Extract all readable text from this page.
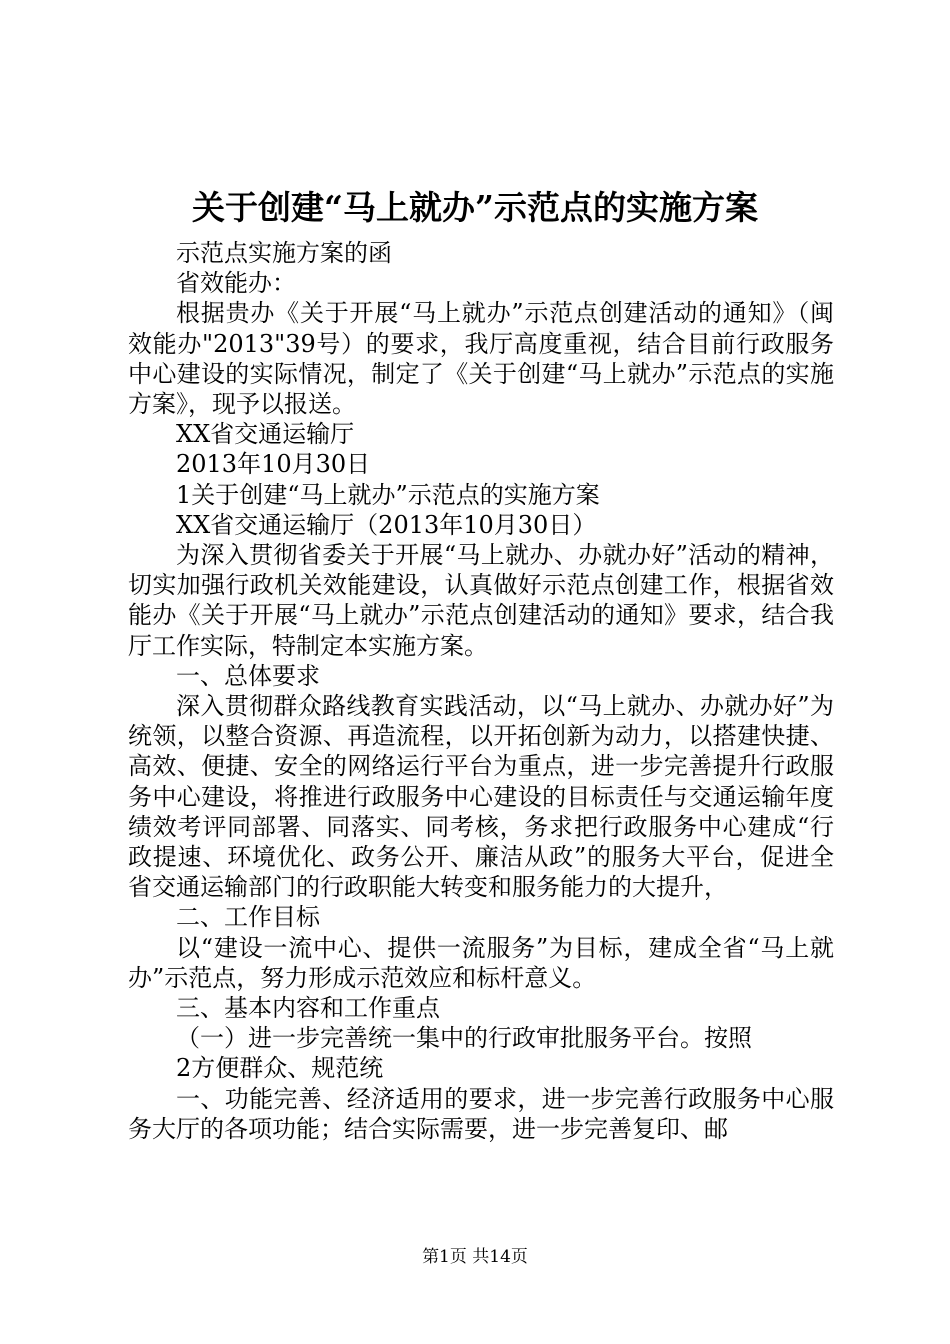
关于创建“马上就办”示范点的实施方案
示范点实施方案的函
省效能办：
根据贵办《关于开展“马上就办”示范点创建活动的通知》（闽效能办"2013"39号）的要求，我厅高度重视，结合目前行政服务中心建设的实际情况，制定了《关于创建“马上就办”示范点的实施方案》，现予以报送。
XX省交通运输厅
2013年10月30日
1关于创建“马上就办”示范点的实施方案
XX省交通运输厅（2013年10月30日）
为深入贯彻省委关于开展“马上就办、办就办好”活动的精神，切实加强行政机关效能建设，认真做好示范点创建工作，根据省效能办《关于开展“马上就办”示范点创建活动的通知》要求，结合我厅工作实际，特制定本实施方案。
一、总体要求
深入贯彻群众路线教育实践活动，以“马上就办、办就办好”为统领，以整合资源、再造流程，以开拓创新为动力，以搭建快捷、高效、便捷、安全的网络运行平台为重点，进一步完善提升行政服务中心建设，将推进行政服务中心建设的目标责任与交通运输年度绩效考评同部署、同落实、同考核，务求把行政服务中心建成“行政提速、环境优化、政务公开、廉洁从政”的服务大平台，促进全省交通运输部门的行政职能大转变和服务能力的大提升，
二、工作目标
以“建设一流中心、提供一流服务”为目标，建成全省“马上就办”示范点，努力形成示范效应和标杆意义。
三、基本内容和工作重点
（一）进一步完善统一集中的行政审批服务平台。按照
2方便群众、规范统
一、功能完善、经济适用的要求，进一步完善行政服务中心服务大厅的各项功能；结合实际需要，进一步完善复印、邮
第1页 共14页
